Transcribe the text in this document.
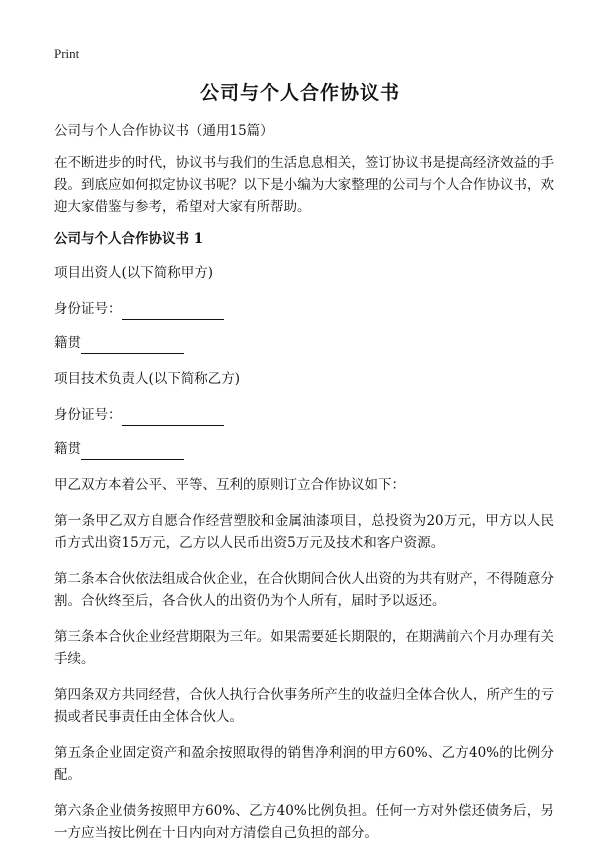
Print
公司与个人合作协议书

公司与个人合作协议书（通用15篇）

在不断进步的时代，协议书与我们的生活息息相关，签订协议书是提高经济效益的手段。到底应如何拟定协议书呢？以下是小编为大家整理的公司与个人合作协议书，欢迎大家借鉴与参考，希望对大家有所帮助。

公司与个人合作协议书 1

项目出资人(以下简称甲方)

身份证号：
籍贯

项目技术负责人(以下简称乙方)

身份证号：
籍贯

甲乙双方本着公平、平等、互利的原则订立合作协议如下：

第一条甲乙双方自愿合作经营塑胶和金属油漆项目，总投资为20万元，甲方以人民币方式出资15万元，乙方以人民币出资5万元及技术和客户资源。

第二条本合伙依法组成合伙企业，在合伙期间合伙人出资的为共有财产，不得随意分割。合伙终至后，各合伙人的出资仍为个人所有，届时予以返还。

第三条本合伙企业经营期限为三年。如果需要延长期限的，在期满前六个月办理有关手续。

第四条双方共同经营，合伙人执行合伙事务所产生的收益归全体合伙人，所产生的亏损或者民事责任由全体合伙人。

第五条企业固定资产和盈余按照取得的销售净利润的甲方60%、乙方40%的比例分配。

第六条企业债务按照甲方60%、乙方40%比例负担。任何一方对外偿还债务后，另一方应当按比例在十日内向对方清偿自己负担的部分。
